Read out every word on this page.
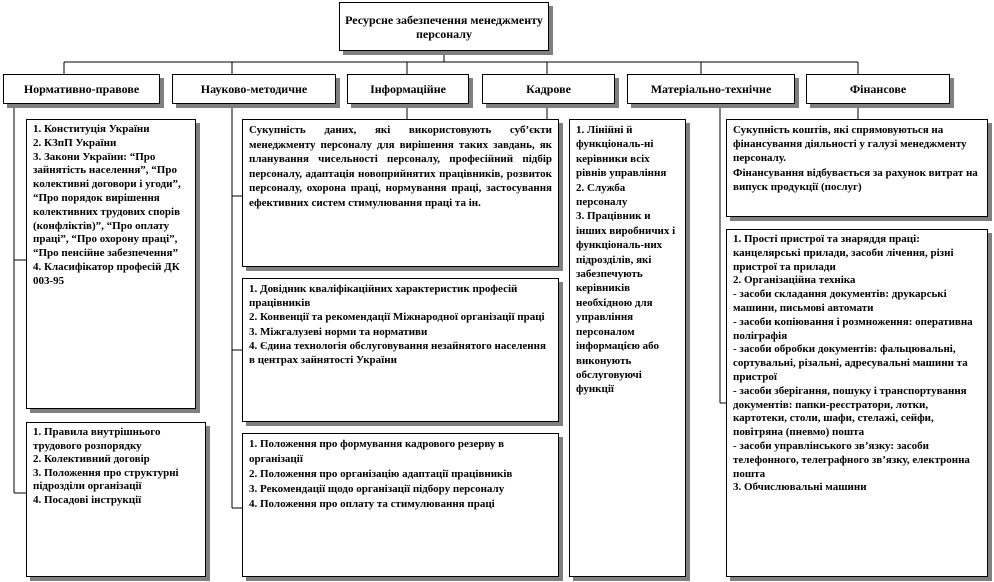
Ресурсне забезпечення менеджменту персоналу
Нормативно-правове	Науково-методичне	Інформаційне	Кадрове	Матеріально-технічне	Фінансове
1. Конституція України
2. КЗпП України
3. Закони України: “Про зайнятість населення”, “Про колективні договори і угоди”, “Про порядок вирішення колективних трудових спорів (конфліктів)”, “Про оплату праці”, “Про охорону праці”, “Про пенсійне забезпечення”
4. Класифікатор професій ДК 003-95
1. Правила внутрішнього трудового розпорядку
2. Колективний договір
3. Положення про структурні підрозділи організації
4. Посадові інструкції
Сукупність даних, які використовують суб’єкти менеджменту персоналу для вирішення таких завдань, як планування чисельності персоналу, професійний підбір персоналу, адаптація новоприйнятих працівників, розвиток персоналу, охорона праці, нормування праці, застосування ефективних систем стимулювання праці та ін.
1. Довідник кваліфікаційних характеристик професій працівників
2. Конвенції та рекомендації Міжнародної організації праці
3. Міжгалузеві норми та нормативи
4. Єдина технологія обслуговування незайнятого населення в центрах зайнятості України
1. Положення про формування кадрового резерву в організації
2. Положення про організацію адаптації працівників
3. Рекомендації щодо організації підбору персоналу
4. Положення про оплату та стимулювання праці
1. Лінійні й функціональ-ні керівники всіх рівнів управління
2. Служба персоналу
3. Працівник и інших виробничих і функціональ-них підрозділів, які забезпечують керівників необхідною для управління персоналом інформацією або виконують обслуговуючі функції
Сукупність коштів, які спрямовуються на фінансування діяльності у галузі менеджменту персоналу.
Фінансування відбувається за рахунок витрат на випуск продукції (послуг)
1. Прості пристрої та знаряддя праці: канцелярські прилади, засоби лічення, різні пристрої та прилади
2. Організаційна техніка
- засоби складання документів: друкарські машини, письмові автомати
- засоби копіювання і розмноження: оперативна поліграфія
- засоби обробки документів: фальцювальні, сортувальні, різальні, адресувальні машини та пристрої
- засоби зберігання, пошуку і транспортування документів: папки-реєстратори, лотки, картотеки, столи, шафи, стелажі, сейфи, повітряна (пневмо) пошта
- засоби управлінського зв’язку: засоби телефонного, телеграфного зв’язку, електронна пошта
3. Обчислювальні машини
